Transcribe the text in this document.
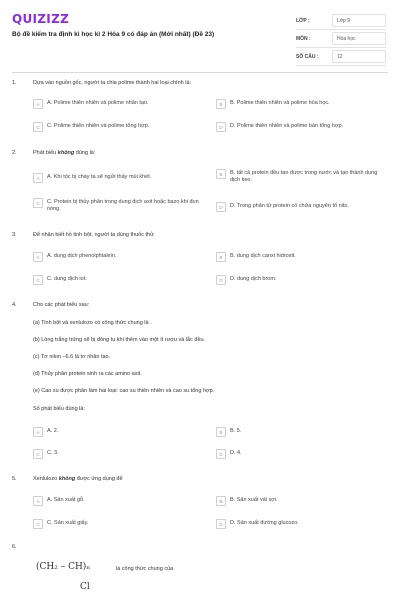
QUIZIZZ
Bộ đề kiểm tra định kì học kì 2 Hóa 9 có đáp án (Mới nhất) (Đề 23)
LỚP :	Lớp 9
MÔN :	Hóa học
SỐ CÂU :	12
1.	Dựa vào nguồn gốc, người ta chia polime thành hai loại chính là:
A	A. Polime thiên nhiên và polime nhân tạo.	B	B. Polime thiên nhiên và polime hóa học.
C	C. Polime thiên nhiên và polime tổng hợp.	D	D. Polime thiên nhiên và polime bán tổng hợp.
2.	Phát biểu không đúng là:
A	A. Khi tóc bị cháy ta sẽ ngửi thấy mùi khét.	B	B. tất cả protein đều tan được trong nước và tạo thành dung dịch keo.
C	C. Protein bị thủy phân trong dung dịch axit hoặc bazo khi đun nóng.	D	D. Trong phân tử protein có chứa nguyên tố nito.
3.	Để nhận biết hồ tinh bột, người ta dùng thuốc thử
A	A. dung dịch phenolphtalein.	B	B. dung dịch canxi hidroxit.
C	C. dung dịch iot.	D	D. dung dịch brom.
4.	Cho các phát biểu sau:
(a) Tinh bột và xenlulozo có công thức chung là .
(b) Lòng trắng trứng sẽ bị đông tụ khi thêm vào một ít rượu và lắc đều.
(c) Tơ nilon –6.6 là tơ nhân tạo.
(d) Thủy phân protein sinh ra các amino axit.
(e) Cao su được phân làm hai loại: cao su thiên nhiên và cao su tổng hợp.
Số phát biểu đúng là:
A	A. 2.	B	B. 5.
C	C. 3.	D	D. 4.
5.	Xenlulozo không được ứng dụng để
A	A. Sản xuất gỗ.	B	B. Sản xuất vải sợi.
C	C. Sản xuất giấy.	D	D. Sản xuất đường glucozo.
6.
(CH₂ – CH)ₙ
Cl
là công thức chung của
